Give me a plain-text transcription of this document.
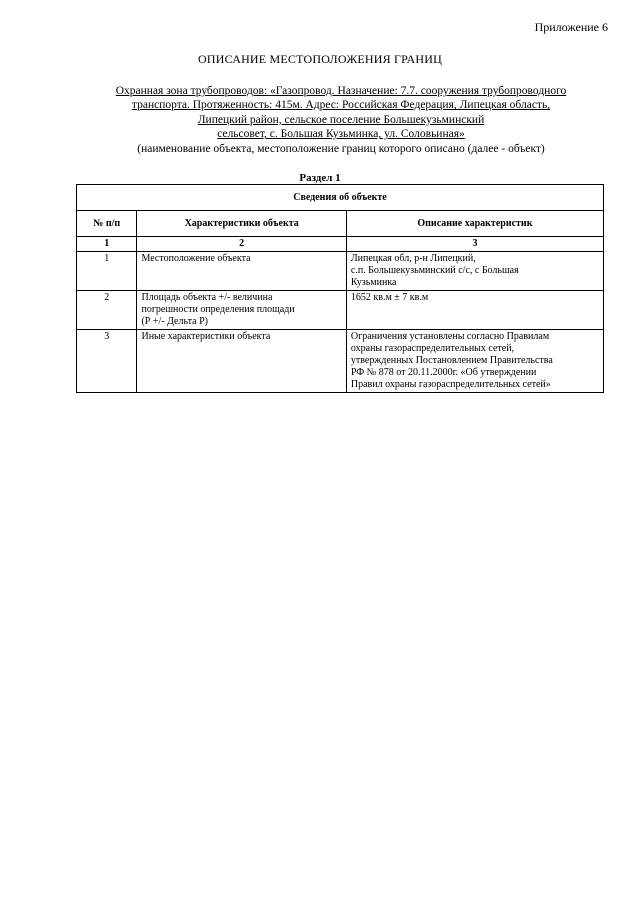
Приложение 6
ОПИСАНИЕ МЕСТОПОЛОЖЕНИЯ ГРАНИЦ
Охранная зона трубопроводов: «Газопровод. Назначение: 7.7. сооружения трубопроводного
транспорта. Протяженность: 415м. Адрес: Российская Федерация, Липецкая область,
Липецкий район, сельское поселение Большекузьминский
сельсовет, с. Большая Кузьминка, ул. Соловьиная»
(наименование объекта, местоположение границ которого описано (далее - объект)
Раздел 1
Сведения об объекте		
№ п/п	Характеристики объекта	Описание характеристик
1	2	3
1	Местоположение объекта	Липецкая обл, р-н Липецкий,
с.п. Большекузьминский с/с, с Большая
Кузьминка

2	Площадь объекта +/- величина
погрешности определения площади
(Р +/- Дельта Р)	1652 кв.м ± 7 кв.м

3	Иные характеристики объекта	Ограничения установлены согласно Правилам
охраны газораспределительных сетей,
утвержденных Постановлением Правительства
РФ № 878 от 20.11.2000г. «Об утверждении
Правил охраны газораспределительных сетей»
